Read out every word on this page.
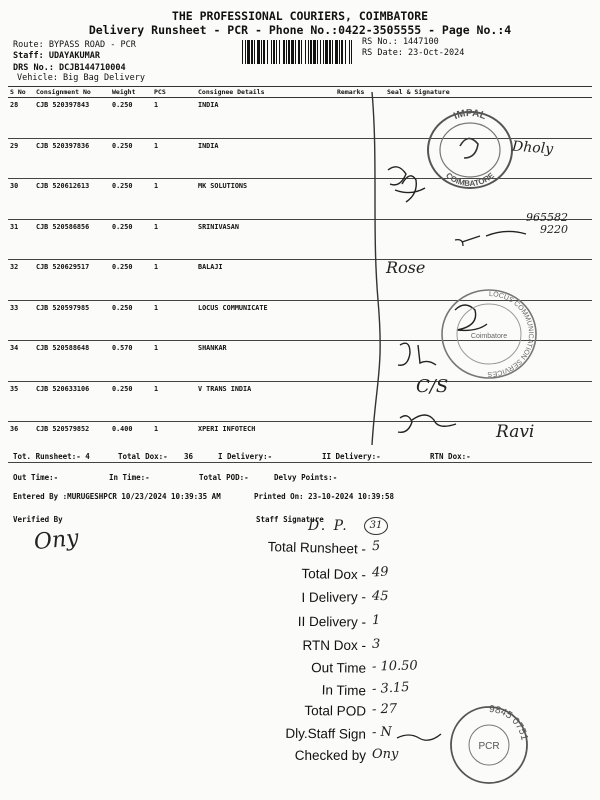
THE PROFESSIONAL COURIERS, COIMBATORE
Delivery Runsheet - PCR - Phone No.:0422-3505555 - Page No.:4
Route: BYPASS ROAD - PCR
Staff: UDAYAKUMAR
DRS No.: DCJB144710004
Vehicle: Big Bag Delivery
RS No.: 1447100
RS Date: 23-Oct-2024
S No	Consignment No	Weight	PCS	Consignee Details	Remarks	Seal & Signature
28	CJB 520397843	0.250	1	INDIA		
29	CJB 520397836	0.250	1	INDIA		
30	CJB 520612613	0.250	1	MK SOLUTIONS		
31	CJB 520586856	0.250	1	SRINIVASAN		
32	CJB 520629517	0.250	1	BALAJI		
33	CJB 520597985	0.250	1	LOCUS COMMUNICATE		
34	CJB 520588648	0.570	1	SHANKAR		
35	CJB 520633106	0.250	1	V TRANS INDIA		
36	CJB 520579852	0.400	1	XPERI INFOTECH		
IMPAL
COIMBATORE
LOCUS COMMUNICATION SERVICES
Coimbatore
9845 0751
PCR
Dholy
9655829220
Rose
C/S
Ravi
Tot. Runsheet:- 4	Total Dox:- 36	I Delivery:-	II Delivery:-	RTN Dox:-
Out Time:-	In Time:-	Total POD:-	Delvy Points:-
Entered By :MURUGESHPCR 10/23/2024 10:39:35 AM	Printed On: 23-10-2024 10:39:58
Verified By	Staff Signature
Ony	D. P.	31
Total Runsheet - 5
Total Dox - 49
I Delivery - 45
II Delivery - 1
RTN Dox - 3
Out Time - 10.50
In Time - 3.15
Total POD - 27
Dly.Staff Sign - N
Checked by Ony
